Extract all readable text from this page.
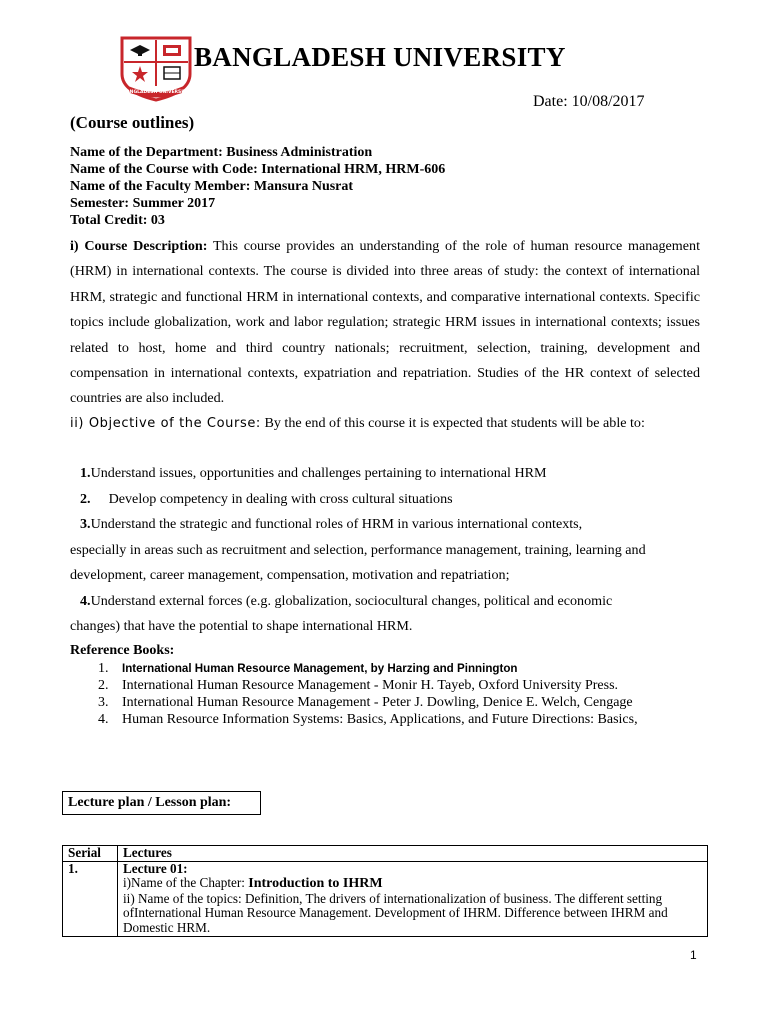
BANGLADESH UNIVERSITY
BANGLADESH UNIVERSITY
Date: 10/08/2017
(Course outlines)
Name of the Department: Business Administration
Name of the Course with Code: International HRM, HRM-606
Name of the Faculty Member: Mansura Nusrat
Semester: Summer 2017
Total Credit: 03
i) Course Description: This course provides an understanding of the role of human resource management (HRM) in international contexts. The course is divided into three areas of study: the context of international HRM, strategic and functional HRM in international contexts, and comparative international contexts. Specific topics include globalization, work and labor regulation; strategic HRM issues in international contexts; issues related to host, home and third country nationals; recruitment, selection, training, development and compensation in international contexts, expatriation and repatriation. Studies of the HR context of selected countries are also included.
ii) Objective of the Course: By the end of this course it is expected that students will be able to:
1.Understand issues, opportunities and challenges pertaining to international HRM
2. Develop competency in dealing with cross cultural situations
3.Understand the strategic and functional roles of HRM in various international contexts,
especially in areas such as recruitment and selection, performance management, training, learning and development, career management, compensation, motivation and repatriation;
4.Understand external forces (e.g. globalization, sociocultural changes, political and economic
changes) that have the potential to shape international HRM.
Reference Books:
1. International Human Resource Management, by Harzing and Pinnington
2. International Human Resource Management - Monir H. Tayeb, Oxford University Press.
3. International Human Resource Management - Peter J. Dowling, Denice E. Welch, Cengage
4. Human Resource Information Systems: Basics, Applications, and Future Directions: Basics,
Lecture plan / Lesson plan:
Serial	Lectures
1.	Lecture 01:
i)Name of the Chapter: Introduction to IHRM
ii) Name of the topics: Definition, The drivers of internationalization of business. The different setting ofInternational Human Resource Management. Development of IHRM. Difference between IHRM and Domestic HRM.
1
